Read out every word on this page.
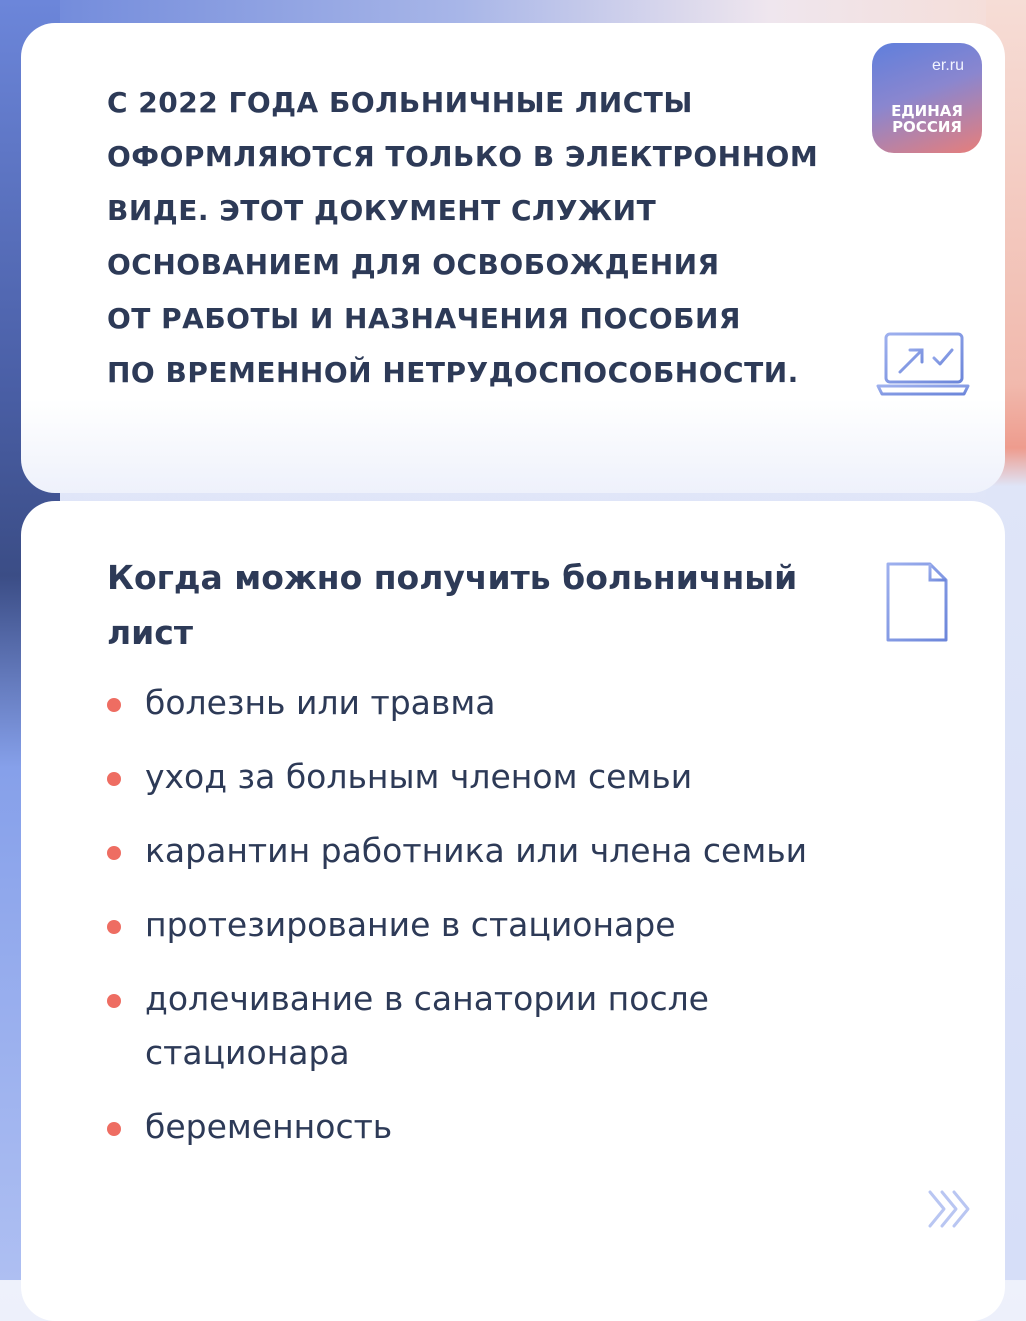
С 2022 ГОДА БОЛЬНИЧНЫЕ ЛИСТЫ
ОФОРМЛЯЮТСЯ ТОЛЬКО В ЭЛЕКТРОННОМ
ВИДЕ. ЭТОТ ДОКУМЕНТ СЛУЖИТ
ОСНОВАНИЕМ ДЛЯ ОСВОБОЖДЕНИЯ
ОТ РАБОТЫ И НАЗНАЧЕНИЯ ПОСОБИЯ
ПО ВРЕМЕННОЙ НЕТРУДОСПОСОБНОСТИ.

er.ru
ЕДИНАЯ
РОССИЯ

Когда можно получить больничный лист

болезнь или травма
уход за больным членом семьи
карантин работника или члена семьи
протезирование в стационаре
долечивание в санатории после стационара
беременность
